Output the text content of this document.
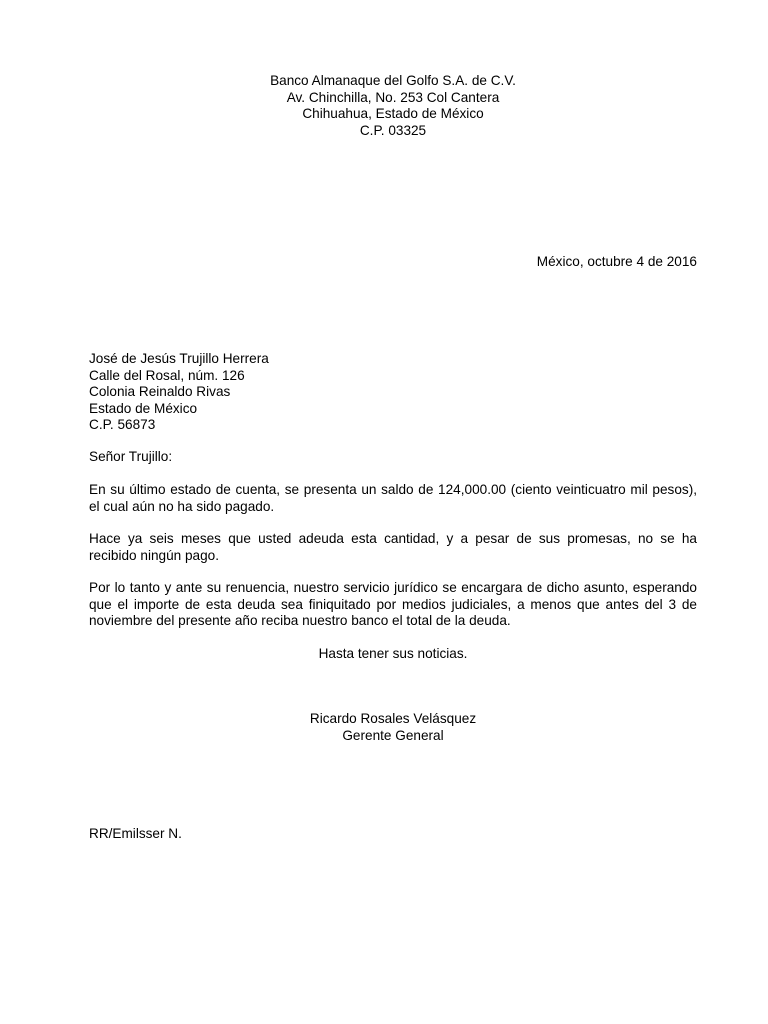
Banco Almanaque del Golfo S.A. de C.V.
Av. Chinchilla, No. 253 Col Cantera
Chihuahua, Estado de México
C.P. 03325
México, octubre 4 de 2016
José de Jesús Trujillo Herrera
Calle del Rosal, núm. 126
Colonia Reinaldo Rivas
Estado de México
C.P. 56873
Señor Trujillo:
En su último estado de cuenta, se presenta un saldo de 124,000.00 (ciento veinticuatro mil pesos),
el cual aún no ha sido pagado.
Hace ya seis meses que usted adeuda esta cantidad, y a pesar de sus promesas, no se ha
recibido ningún pago.
Por lo tanto y ante su renuencia, nuestro servicio jurídico se encargara de dicho asunto, esperando
que el importe de esta deuda sea finiquitado por medios judiciales, a menos que antes del 3 de
noviembre del presente año reciba nuestro banco el total de la deuda.
Hasta tener sus noticias.
Ricardo Rosales Velásquez
Gerente General
RR/Emilsser N.
